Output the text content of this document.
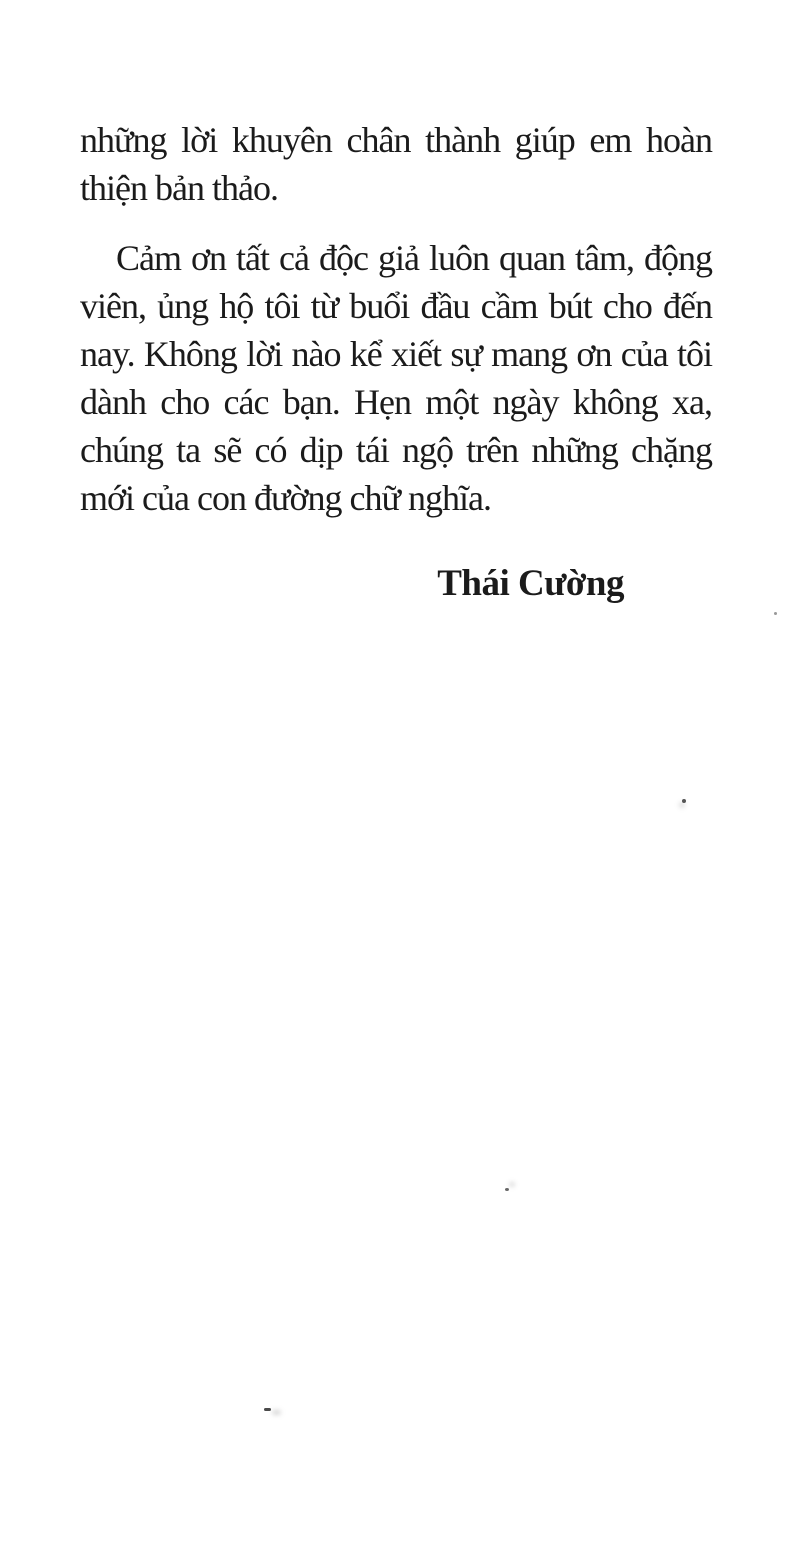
những lời khuyên chân thành giúp em hoàn
thiện bản thảo.
Cảm ơn tất cả độc giả luôn quan tâm, động
viên, ủng hộ tôi từ buổi đầu cầm bút cho đến
nay. Không lời nào kể xiết sự mang ơn của tôi
dành cho các bạn. Hẹn một ngày không xa,
chúng ta sẽ có dịp tái ngộ trên những chặng
mới của con đường chữ nghĩa.
Thái Cường
